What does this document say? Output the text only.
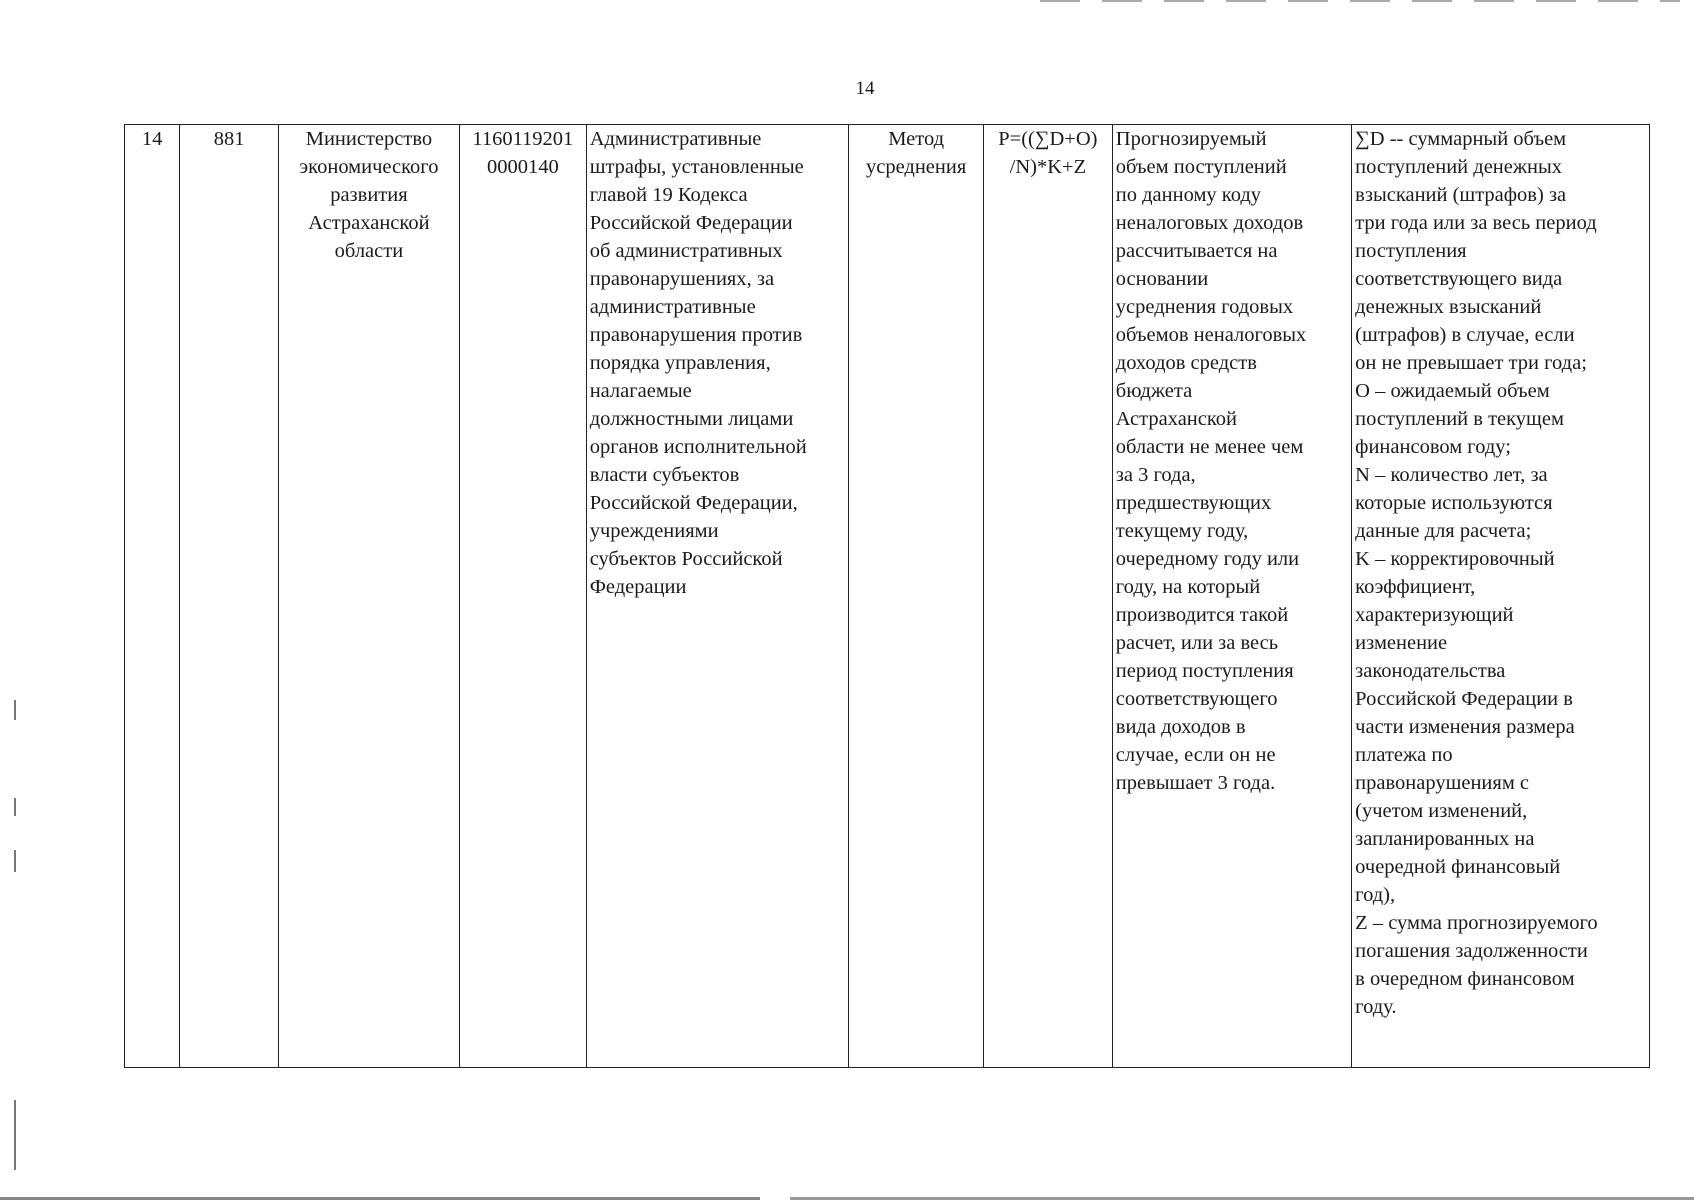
14
14	881	Министерство
экономического
развития
Астраханской
области	1160119201
0000140	Административные
штрафы, установленные
главой 19 Кодекса
Российской Федерации
об административных
правонарушениях, за
административные
правонарушения против
порядка управления,
налагаемые
должностными лицами
органов исполнительной
власти субъектов
Российской Федерации,
учреждениями
субъектов Российской
Федерации	Метод
усреднения	P=((∑D+O)
/N)*K+Z	Прогнозируемый
объем поступлений
по данному коду
неналоговых доходов
рассчитывается на
основании
усреднения годовых
объемов неналоговых
доходов средств
бюджета
Астраханской
области не менее чем
за 3 года,
предшествующих
текущему году,
очередному году или
году, на который
производится такой
расчет, или за весь
период поступления
соответствующего
вида доходов в
случае, если он не
превышает 3 года.	∑D -- суммарный объем
поступлений денежных
взысканий (штрафов) за
три года или за весь период
поступления
соответствующего вида
денежных взысканий
(штрафов) в случае, если
он не превышает три года;
O – ожидаемый объем
поступлений в текущем
финансовом году;
N – количество лет, за
которые используются
данные для расчета;
K – корректировочный
коэффициент,
характеризующий
изменение
законодательства
Российской Федерации в
части изменения размера
платежа по
правонарушениям с
(учетом изменений,
запланированных на
очередной финансовый
год),
Z – сумма прогнозируемого
погашения задолженности
в очередном финансовом
году.
